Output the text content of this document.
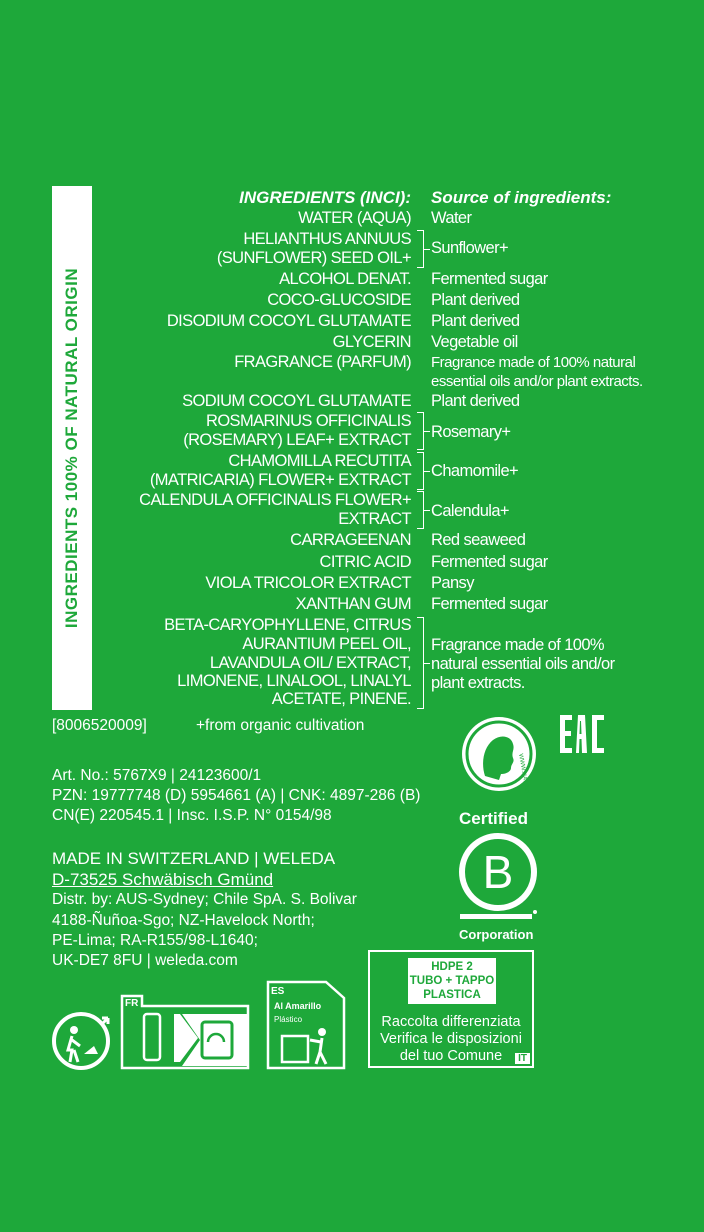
INGREDIENTS 100% OF NATURAL ORIGIN
INGREDIENTS (INCI): Source of ingredients:
WATER (AQUA) Water
HELIANTHUS ANNUUS
(SUNFLOWER) SEED OIL+
Sunflower+
ALCOHOL DENAT. Fermented sugar
COCO-GLUCOSIDE Plant derived
DISODIUM COCOYL GLUTAMATE Plant derived
GLYCERIN Vegetable oil
FRAGRANCE (PARFUM) Fragrance made of 100% natural
essential oils and/or plant extracts.
SODIUM COCOYL GLUTAMATE Plant derived
ROSMARINUS OFFICINALIS
(ROSEMARY) LEAF+ EXTRACT Rosemary+
CHAMOMILLA RECUTITA
(MATRICARIA) FLOWER+ EXTRACT Chamomile+
CALENDULA OFFICINALIS FLOWER+
EXTRACT Calendula+
CARRAGEENAN Red seaweed
CITRIC ACID Fermented sugar
VIOLA TRICOLOR EXTRACT Pansy
XANTHAN GUM Fermented sugar
BETA-CARYOPHYLLENE, CITRUS
AURANTIUM PEEL OIL,
LAVANDULA OIL/ EXTRACT,
LIMONENE, LINALOOL, LINALYL
ACETATE, PINENE.
Fragrance made of 100%
natural essential oils and/or
plant extracts.
[8006520009]	+from organic cultivation
Art. No.: 5767X9 | 24123600/1
PZN: 19777748 (D) 5954661 (A) | CNK: 4897-286 (B)
CN(E) 220545.1 | Insc. I.S.P. N° 0154/98
MADE IN SWITZERLAND | WELEDA
D-73525 Schwäbisch Gmünd
Distr. by: AUS-Sydney; Chile SpA. S. Bolivar
4188-Ñuñoa-Sgo; NZ-Havelock North;
PE-Lima; RA-R155/98-L1640;
UK-DE7 8FU | weleda.com
WWW.NATRUE.ORG
Certified
B
Corporation
FR
ES
Al Amarillo
Plástico
HDPE 2
TUBO + TAPPO
PLASTICA
Raccolta differenziata
Verifica le disposizioni
del tuo Comune	IT
